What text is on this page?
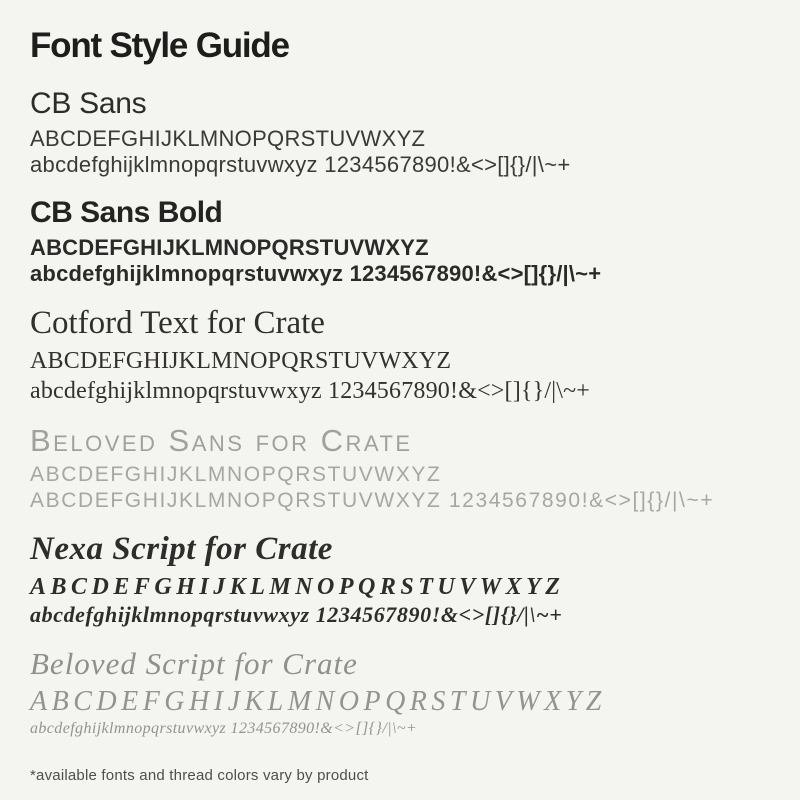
Font Style Guide
CB Sans
ABCDEFGHIJKLMNOPQRSTUVWXYZ
abcdefghijklmnopqrstuvwxyz 1234567890!&<>[]{}/|\~+
CB Sans Bold
ABCDEFGHIJKLMNOPQRSTUVWXYZ
abcdefghijklmnopqrstuvwxyz 1234567890!&<>[]{}/|\~+
Cotford Text for Crate
ABCDEFGHIJKLMNOPQRSTUVWXYZ
abcdefghijklmnopqrstuvwxyz 1234567890!&<>[]{}/|\~+
Beloved Sans for Crate
ABCDEFGHIJKLMNOPQRSTUVWXYZ
ABCDEFGHIJKLMNOPQRSTUVWXYZ 1234567890!&<>[]{}/|\~+
Nexa Script for Crate
ABCDEFGHIJKLMNOPQRSTUVWXYZ
abcdefghijklmnopqrstuvwxyz 1234567890!&<>[]{}/|\~+
Beloved Script for Crate
ABCDEFGHIJKLMNOPQRSTUVWXYZ
abcdefghijklmnopqrstuvwxyz 1234567890!&<>[]{}/|\~+
*available fonts and thread colors vary by product
